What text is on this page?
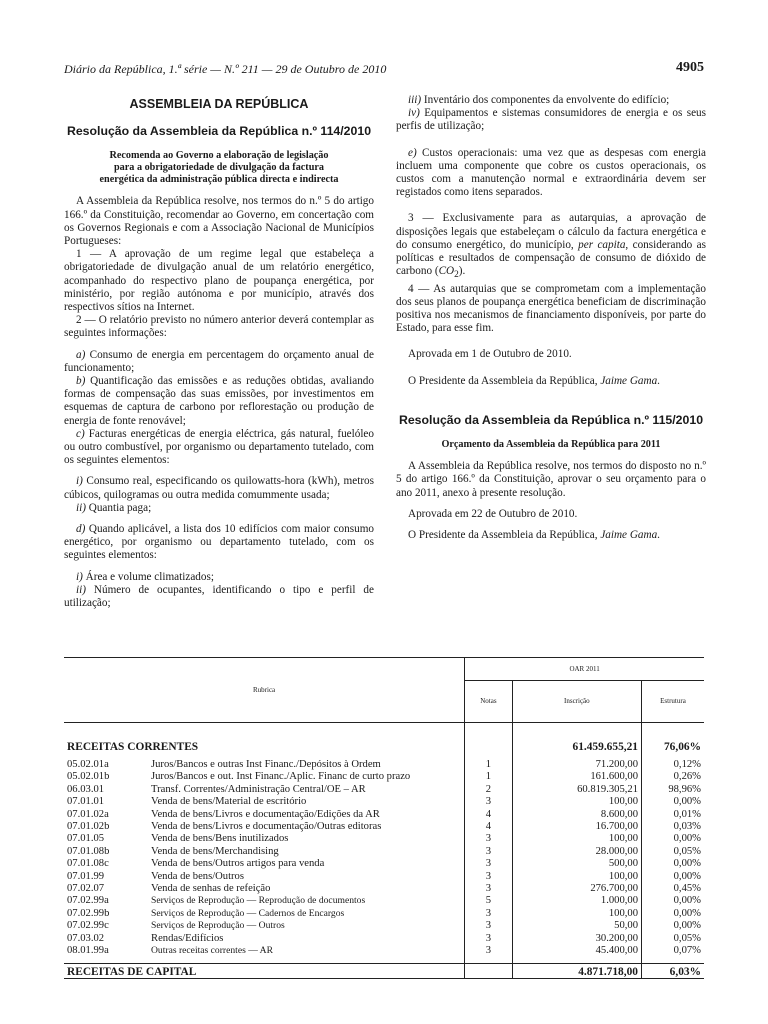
Diário da República, 1.ª série — N.º 211 — 29 de Outubro de 2010	4905
ASSEMBLEIA DA REPÚBLICA
Resolução da Assembleia da República n.º 114/2010
Recomenda ao Governo a elaboração de legislação
para a obrigatoriedade de divulgação da factura
energética da administração pública directa e indirecta

A Assembleia da República resolve, nos termos do n.º 5 do artigo 166.º da Constituição, recomendar ao Governo, em concertação com os Governos Regionais e com a Associação Nacional de Municípios Portugueses:

1 — A aprovação de um regime legal que estabeleça a obrigatoriedade de divulgação anual de um relatório energético, acompanhado do respectivo plano de poupança energética, por ministério, por região autónoma e por município, através dos respectivos sítios na Internet.

2 — O relatório previsto no número anterior deverá contemplar as seguintes informações:

a) Consumo de energia em percentagem do orçamento anual de funcionamento;

b) Quantificação das emissões e as reduções obtidas, avaliando formas de compensação das suas emissões, por investimentos em esquemas de captura de carbono por reflorestação ou produção de energia de fonte renovável;

c) Facturas energéticas de energia eléctrica, gás natural, fuelóleo ou outro combustível, por organismo ou departamento tutelado, com os seguintes elementos:

i) Consumo real, especificando os quilowatts-hora (kWh), metros cúbicos, quilogramas ou outra medida comummente usada;

ii) Quantia paga;

d) Quando aplicável, a lista dos 10 edifícios com maior consumo energético, por organismo ou departamento tutelado, com os seguintes elementos:

i) Área e volume climatizados;

ii) Número de ocupantes, identificando o tipo e perfil de utilização;

iii) Inventário dos componentes da envolvente do edifício;

iv) Equipamentos e sistemas consumidores de energia e os seus perfis de utilização;

e) Custos operacionais: uma vez que as despesas com energia incluem uma componente que cobre os custos operacionais, os custos com a manutenção normal e extraordinária devem ser registados como itens separados.

3 — Exclusivamente para as autarquias, a aprovação de disposições legais que estabeleçam o cálculo da factura energética e do consumo energético, do município, per capita, considerando as políticas e resultados de compensação de consumo de dióxido de carbono $(CO_2)$.

4 — As autarquias que se comprometam com a implementação dos seus planos de poupança energética beneficiam de discriminação positiva nos mecanismos de financiamento disponíveis, por parte do Estado, para esse fim.

Aprovada em 1 de Outubro de 2010.

O Presidente da Assembleia da República, Jaime Gama.

Resolução da Assembleia da República n.º 115/2010
Orçamento da Assembleia da República para 2011

A Assembleia da República resolve, nos termos do disposto no n.º 5 do artigo 166.º da Constituição, aprovar o seu orçamento para o ano 2011, anexo à presente resolução.

Aprovada em 22 de Outubro de 2010.

O Presidente da Assembleia da República, Jaime Gama.

Rubrica		OAR 2011		
		Notas	Inscrição	Estrutura

RECEITAS CORRENTES			61.459.655,21	76,06%

05.02.01a	Juros/Bancos e outras Inst Financ./Depósitos à Ordem	1	71.200,00	0,12%
05.02.01b	Juros/Bancos e out. Inst Financ./Aplic. Financ de curto prazo	1	161.600,00	0,26%
06.03.01	Transf. Correntes/Administração Central/OE – AR	2	60.819.305,21	98,96%
07.01.01	Venda de bens/Material de escritório	3	100,00	0,00%
07.01.02a	Venda de bens/Livros e documentação/Edições da AR	4	8.600,00	0,01%
07.01.02b	Venda de bens/Livros e documentação/Outras editoras	4	16.700,00	0,03%
07.01.05	Venda de bens/Bens inutilizados	3	100,00	0,00%
07.01.08b	Venda de bens/Merchandising	3	28.000,00	0,05%
07.01.08c	Venda de bens/Outros artigos para venda	3	500,00	0,00%
07.01.99	Venda de bens/Outros	3	100,00	0,00%
07.02.07	Venda de senhas de refeição	3	276.700,00	0,45%
07.02.99a	Serviços de Reprodução — Reprodução de documentos	5	1.000,00	0,00%
07.02.99b	Serviços de Reprodução — Cadernos de Encargos	3	100,00	0,00%
07.02.99c	Serviços de Reprodução — Outros	3	50,00	0,00%
07.03.02	Rendas/Edifícios	3	30.200,00	0,05%
08.01.99a	Outras receitas correntes — AR	3	45.400,00	0,07%

RECEITAS DE CAPITAL			4.871.718,00	6,03%
